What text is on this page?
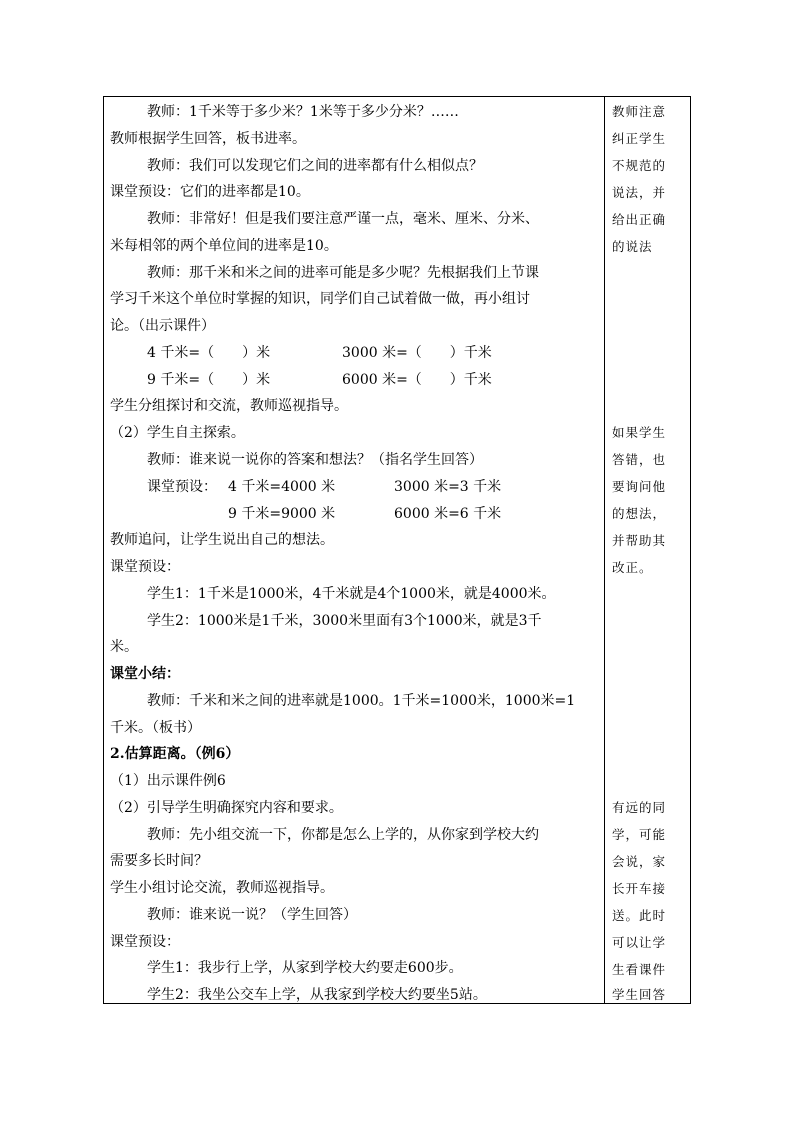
教师：1千米等于多少米？1米等于多少分米？……
教师根据学生回答，板书进率。
教师：我们可以发现它们之间的进率都有什么相似点？
课堂预设：它们的进率都是10。
教师：非常好！但是我们要注意严谨一点，毫米、厘米、分米、
米每相邻的两个单位间的进率是10。
教师：那千米和米之间的进率可能是多少呢？先根据我们上节课
学习千米这个单位时掌握的知识，同学们自己试着做一做，再小组讨
论。（出示课件）
4 千米=（　　）米	3000 米=（　　）千米
9 千米=（　　）米	6000 米=（　　）千米
学生分组探讨和交流，教师巡视指导。
（2）学生自主探索。
教师：谁来说一说你的答案和想法？（指名学生回答）
课堂预设： 4 千米=4000 米	3000 米=3 千米
9 千米=9000 米	6000 米=6 千米
教师追问，让学生说出自己的想法。
课堂预设：
学生1：1千米是1000米，4千米就是4个1000米，就是4000米。
学生2：1000米是1千米，3000米里面有3个1000米，就是3千
米。
课堂小结：
教师：千米和米之间的进率就是1000。1千米=1000米，1000米=1
千米。（板书）
2.估算距离。（例6）
（1）出示课件例6
（2）引导学生明确探究内容和要求。
教师：先小组交流一下，你都是怎么上学的，从你家到学校大约
需要多长时间？
学生小组讨论交流，教师巡视指导。
教师：谁来说一说？（学生回答）
课堂预设：
学生1：我步行上学，从家到学校大约要走600步。
学生2：我坐公交车上学，从我家到学校大约要坐5站。
教师注意
纠正学生
不规范的
说法，并
给出正确
的说法
如果学生
答错，也
要询问他
的想法，
并帮助其
改正。
有远的同
学，可能
会说，家
长开车接
送。此时
可以让学
生看课件
学生回答
